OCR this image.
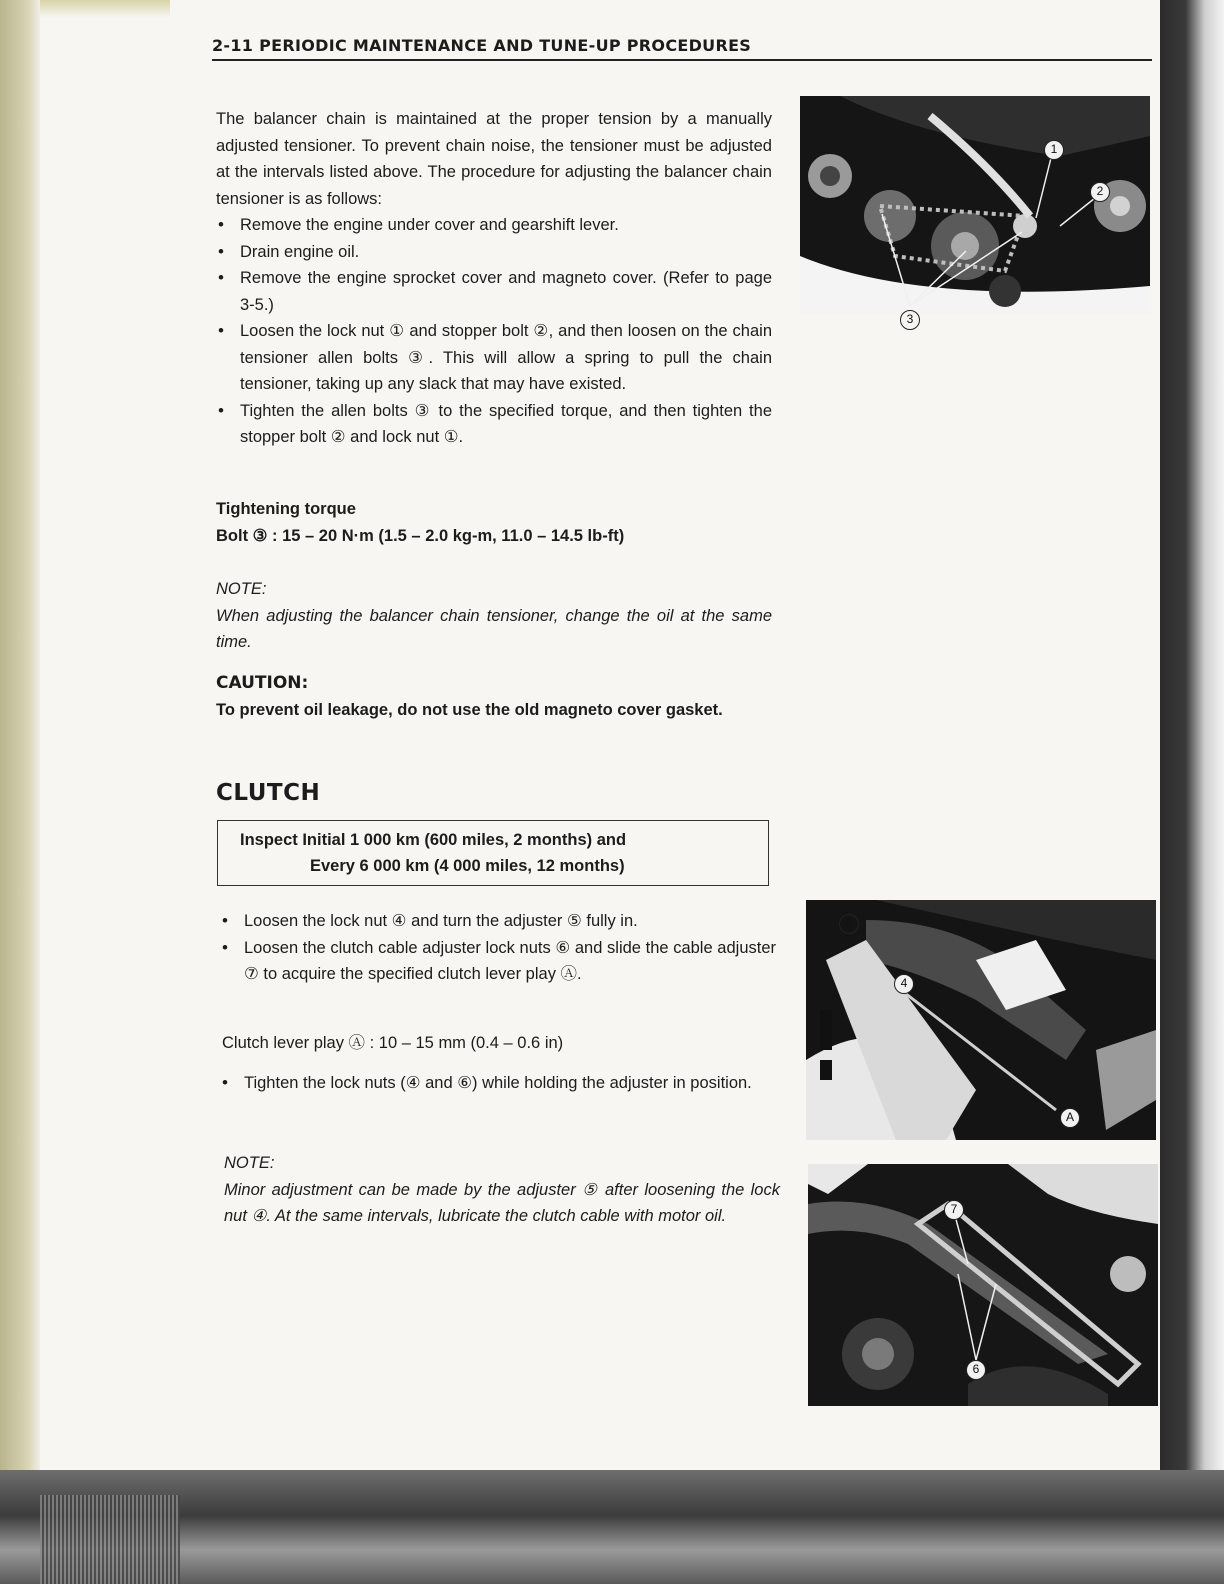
2-11 PERIODIC MAINTENANCE AND TUNE-UP PROCEDURES

The balancer chain is maintained at the proper tension by a manually adjusted tensioner. To prevent chain noise, the tensioner must be adjusted at the intervals listed above. The procedure for adjusting the balancer chain tensioner is as follows:

• Remove the engine under cover and gearshift lever.
• Drain engine oil.
• Remove the engine sprocket cover and magneto cover. (Refer to page 3-5.)
• Loosen the lock nut ① and stopper bolt ②, and then loosen on the chain tensioner allen bolts ③. This will allow a spring to pull the chain tensioner, taking up any slack that may have existed.
• Tighten the allen bolts ③ to the specified torque, and then tighten the stopper bolt ② and lock nut ①.
Tightening torque
Bolt ③ : 15 – 20 N·m (1.5 – 2.0 kg-m, 11.0 – 14.5 lb-ft)
NOTE:
When adjusting the balancer chain tensioner, change the oil at the same time.
CAUTION:
To prevent oil leakage, do not use the old magneto cover gasket.
CLUTCH
Inspect Initial 1 000 km (600 miles, 2 months) and
Every 6 000 km (4 000 miles, 12 months)
• Loosen the lock nut ④ and turn the adjuster ⑤ fully in.
• Loosen the clutch cable adjuster lock nuts ⑥ and slide the cable adjuster ⑦ to acquire the specified clutch lever play Ⓐ.
Clutch lever play Ⓐ : 10 – 15 mm (0.4 – 0.6 in)
• Tighten the lock nuts (④ and ⑥) while holding the adjuster in position.
NOTE:
Minor adjustment can be made by the adjuster ⑤ after loosening the lock nut ④. At the same intervals, lubricate the clutch cable with motor oil.
1
2
3
5
4
A
7
6
